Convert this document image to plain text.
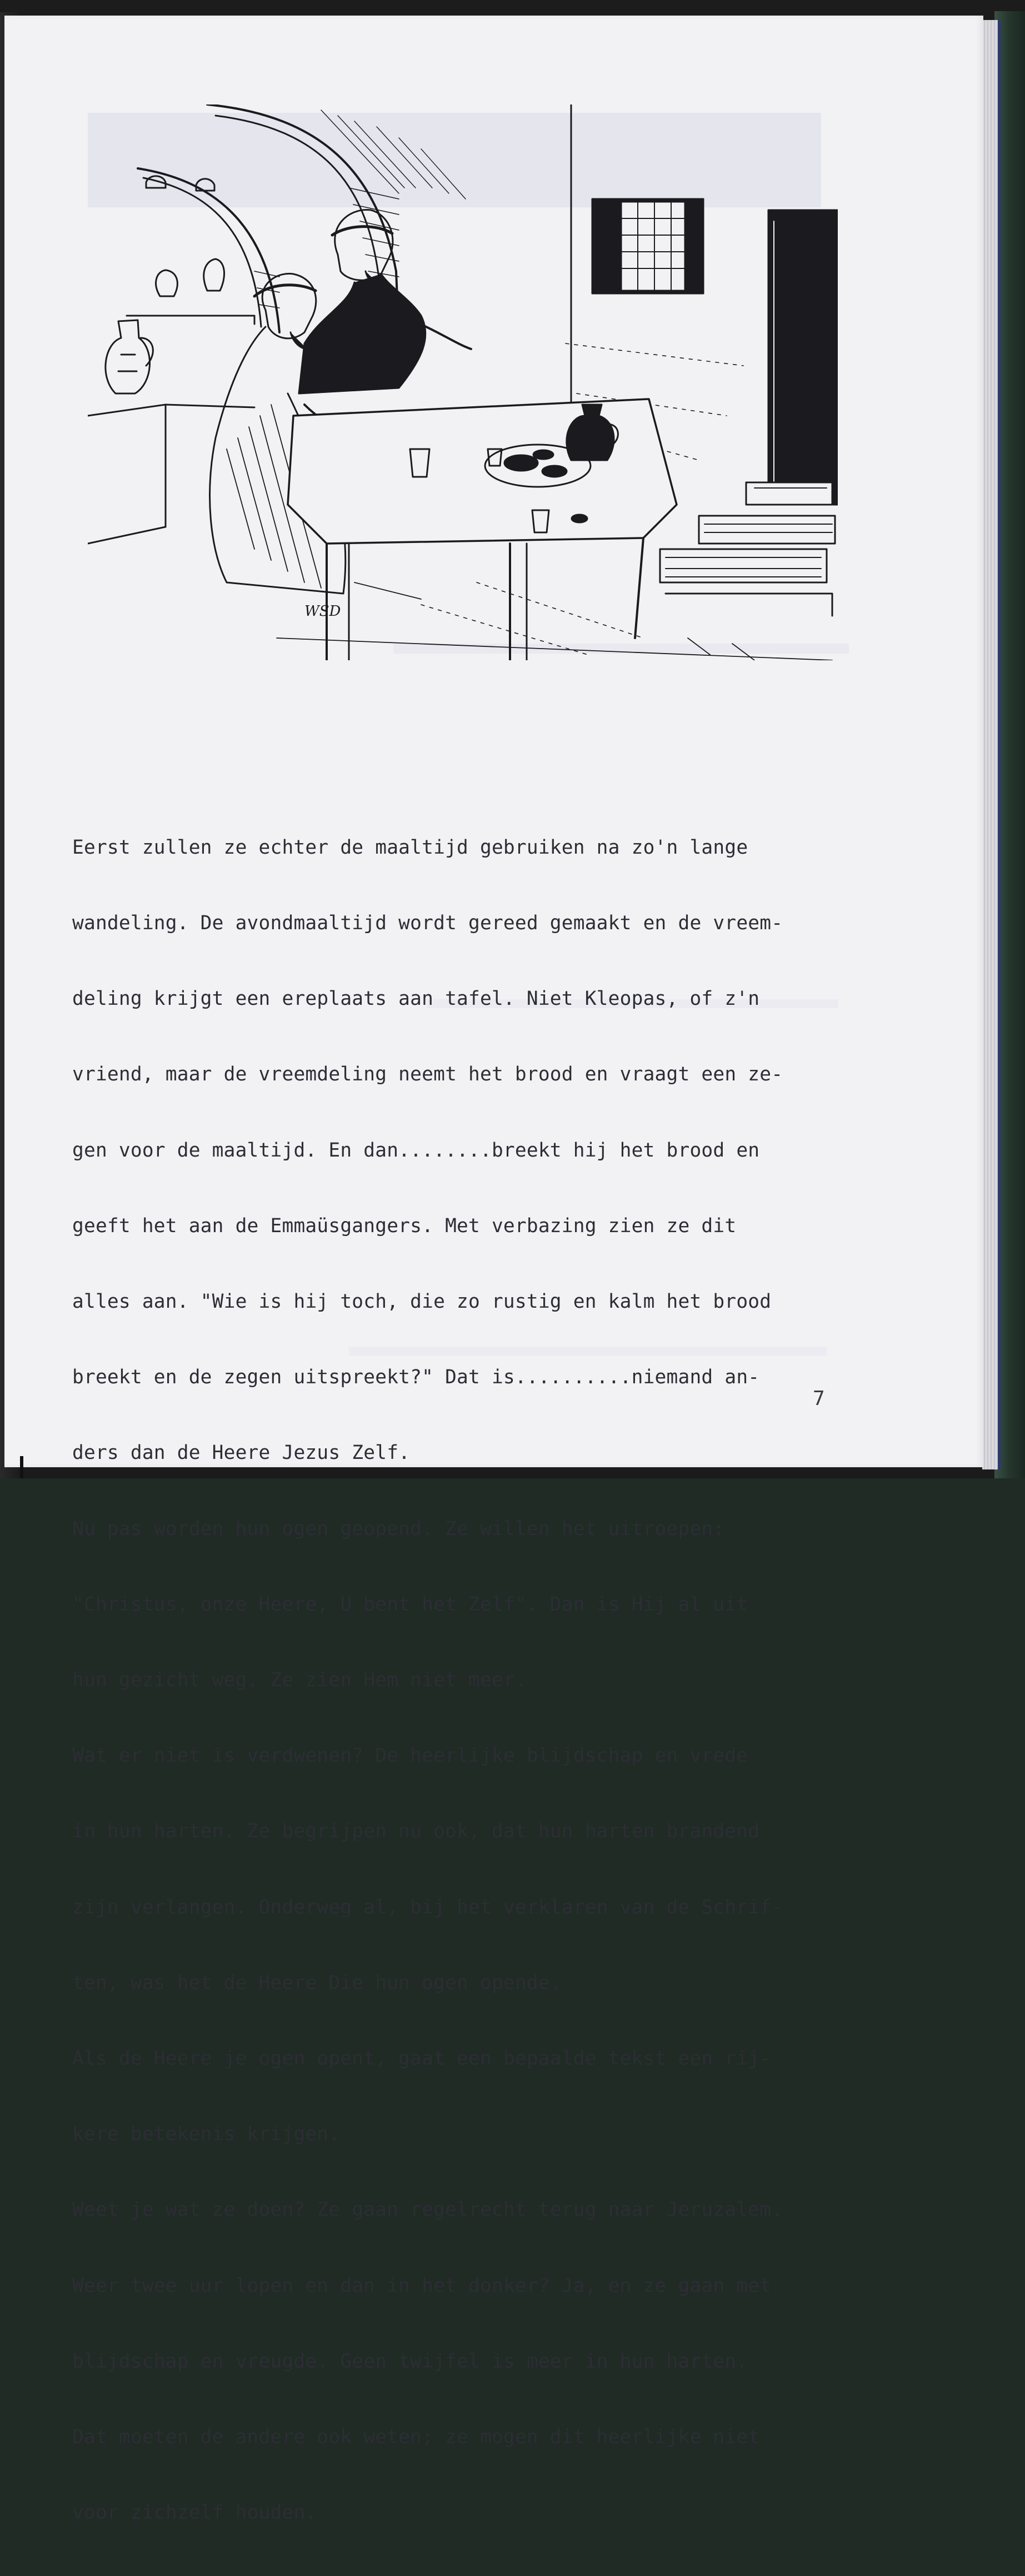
WSD

Eerst zullen ze echter de maaltijd gebruiken na zo'n lange

wandeling. De avondmaaltijd wordt gereed gemaakt en de vreem-

deling krijgt een ereplaats aan tafel. Niet Kleopas, of z'n

vriend, maar de vreemdeling neemt het brood en vraagt een ze-

gen voor de maaltijd. En dan........breekt hij het brood en

geeft het aan de Emmaüsgangers. Met verbazing zien ze dit

alles aan. "Wie is hij toch, die zo rustig en kalm het brood

breekt en de zegen uitspreekt?" Dat is..........niemand an-

ders dan de Heere Jezus Zelf.

Nu pas worden hun ogen geopend. Ze willen het uitroepen:

"Christus, onze Heere, U bent het Zelf". Dan is Hij al uit

hun gezicht weg. Ze zien Hem niet meer.

Wat er niet is verdwenen? De heerlijke blijdschap en vrede

in hun harten. Ze begrijpen nu ook, dat hun harten brandend

zijn verlangen. Onderweg al, bij het verklaren van de Schrif-

ten, was het de Heere Die hun ogen opende.

Als de Heere je ogen opent, gaat een bepaalde tekst een rij-

kere betekenis krijgen.

Weet je wat ze doen? Ze gaan regelrecht terug naar Jeruzalem.

Weer twee uur lopen en dan in het donker? Ja, en ze gaan met

blijdschap en vreugde. Geen twijfel is meer in hun harten.

Dat moeten de andere ook weten; ze mogen dit heerlijke niet

voor zichzelf houden.

7
